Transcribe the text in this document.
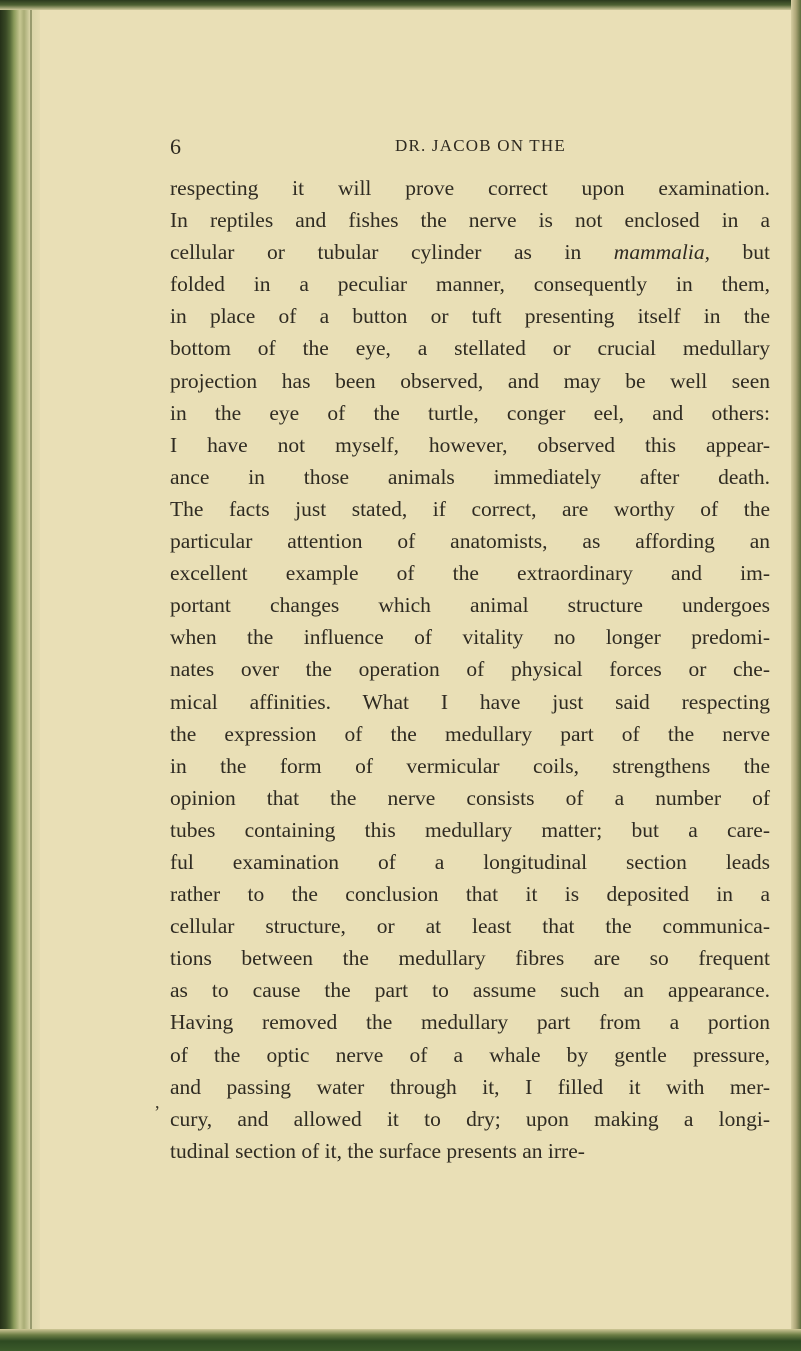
6	DR. JACOB ON THE
respecting it will prove correct upon examination.
In reptiles and fishes the nerve is not enclosed in a
cellular or tubular cylinder as in mammalia, but
folded in a peculiar manner, consequently in them,
in place of a button or tuft presenting itself in the
bottom of the eye, a stellated or crucial medullary
projection has been observed, and may be well seen
in the eye of the turtle, conger eel, and others:
I have not myself, however, observed this appear-
ance in those animals immediately after death.
The facts just stated, if correct, are worthy of the
particular attention of anatomists, as affording an
excellent example of the extraordinary and im-
portant changes which animal structure undergoes
when the influence of vitality no longer predomi-
nates over the operation of physical forces or che-
mical affinities. What I have just said respecting
the expression of the medullary part of the nerve
in the form of vermicular coils, strengthens the
opinion that the nerve consists of a number of
tubes containing this medullary matter; but a care-
ful examination of a longitudinal section leads
rather to the conclusion that it is deposited in a
cellular structure, or at least that the communica-
tions between the medullary fibres are so frequent
as to cause the part to assume such an appearance.
Having removed the medullary part from a portion
of the optic nerve of a whale by gentle pressure,
and passing water through it, I filled it with mer-
cury, and allowed it to dry; upon making a longi-
tudinal section of it, the surface presents an irre-
,
